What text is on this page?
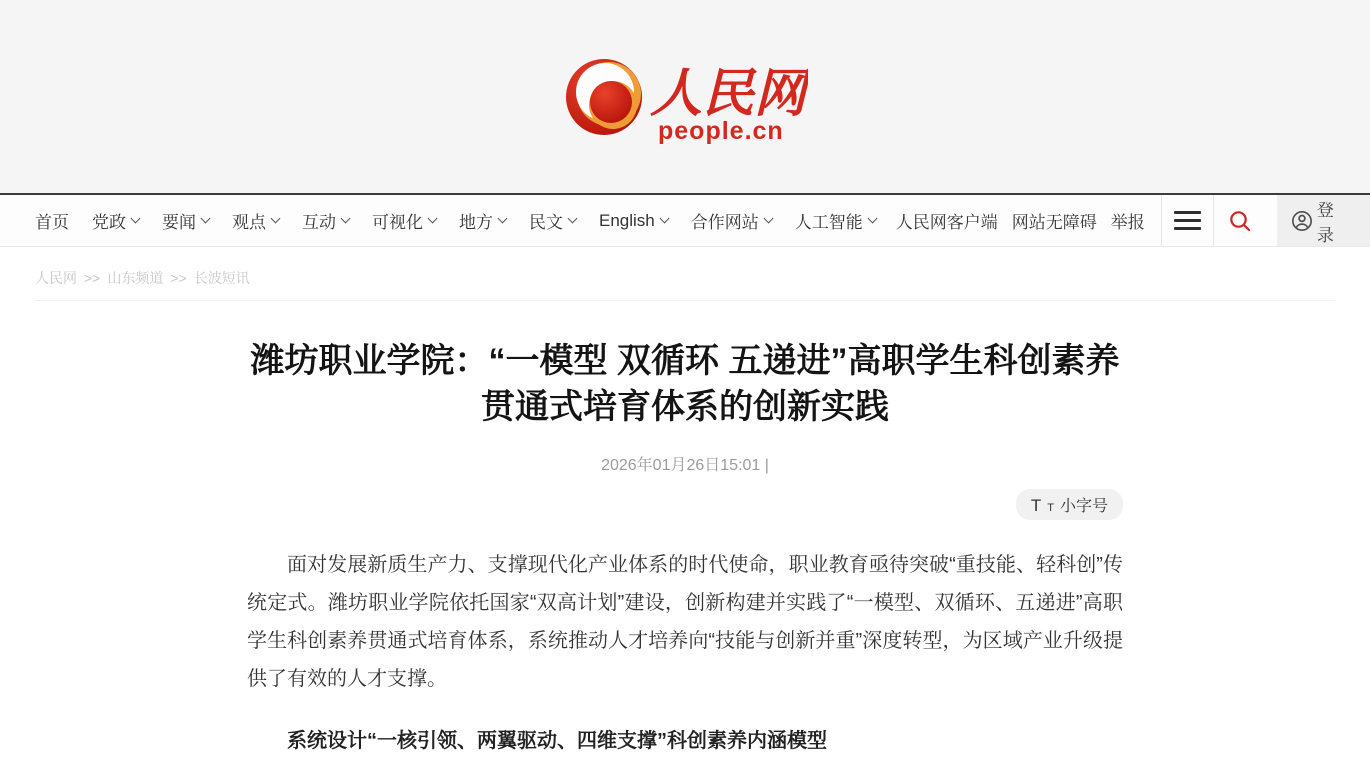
人民网
people.cn
首页 党政 要闻 观点 互动 可视化 地方 民文 English 合作网站 人工智能 人民网客户端 网站无障碍 举报
登录
人民网 >> 山东频道 >> 长波短讯
潍坊职业学院：“一模型 双循环 五递进”高职学生科创素养贯通式培育体系的创新实践
2026年01月26日15:01 |
T T 小字号

面对发展新质生产力、支撑现代化产业体系的时代使命，职业教育亟待突破“重技能、轻科创”传统定式。潍坊职业学院依托国家“双高计划”建设，创新构建并实践了“一模型、双循环、五递进”高职学生科创素养贯通式培育体系，系统推动人才培养向“技能与创新并重”深度转型，为区域产业升级提供了有效的人才支撑。

系统设计“一核引领、两翼驱动、四维支撑”科创素养内涵模型
